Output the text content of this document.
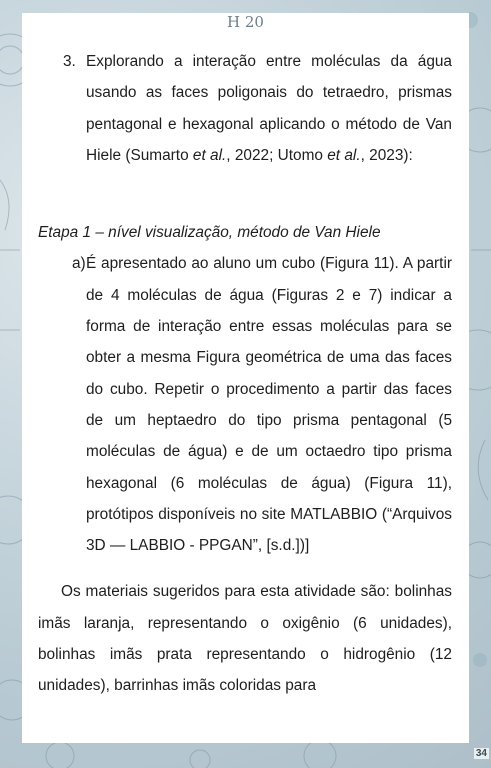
H 20
3. Explorando a interação entre moléculas da água usando as faces poligonais do tetraedro, prismas pentagonal e hexagonal aplicando o método de Van Hiele (Sumarto et al., 2022; Utomo et al., 2023):

Etapa 1 – nível visualização, método de Van Hiele

a) É apresentado ao aluno um cubo (Figura 11). A partir de 4 moléculas de água (Figuras 2 e 7) indicar a forma de interação entre essas moléculas para se obter a mesma Figura geométrica de uma das faces do cubo. Repetir o procedimento a partir das faces de um heptaedro do tipo prisma pentagonal (5 moléculas de água) e de um octaedro tipo prisma hexagonal (6 moléculas de água) (Figura 11), protótipos disponíveis no site MATLABBIO (“Arquivos 3D — LABBIO - PPGAN”, [s.d.])]

Os materiais sugeridos para esta atividade são: bolinhas imãs laranja, representando o oxigênio (6 unidades), bolinhas imãs prata representando o hidrogênio (12 unidades), barrinhas imãs coloridas para

34
